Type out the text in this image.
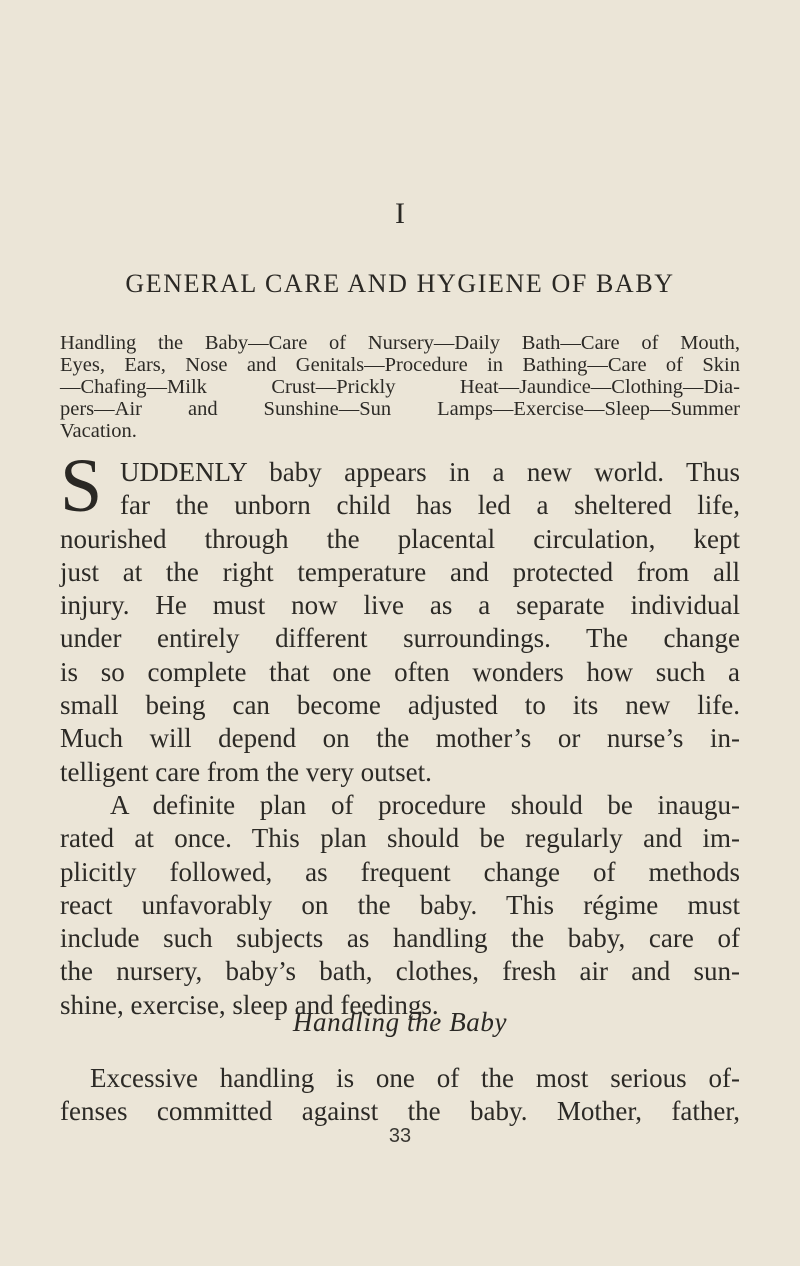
I
GENERAL CARE AND HYGIENE OF BABY
Handling the Baby—Care of Nursery—Daily Bath—Care of Mouth,
Eyes, Ears, Nose and Genitals—Procedure in Bathing—Care of Skin
—Chafing—Milk Crust—Prickly Heat—Jaundice—Clothing—Dia-
pers—Air and Sunshine—Sun Lamps—Exercise—Sleep—Summer
Vacation.
S UDDENLY baby appears in a new world. Thus
far the unborn child has led a sheltered life,
nourished through the placental circulation, kept
just at the right temperature and protected from all
injury. He must now live as a separate individual
under entirely different surroundings. The change
is so complete that one often wonders how such a
small being can become adjusted to its new life.
Much will depend on the mother’s or nurse’s in-
telligent care from the very outset.
A definite plan of procedure should be inaugu-
rated at once. This plan should be regularly and im-
plicitly followed, as frequent change of methods
react unfavorably on the baby. This régime must
include such subjects as handling the baby, care of
the nursery, baby’s bath, clothes, fresh air and sun-
shine, exercise, sleep and feedings.
Handling the Baby
Excessive handling is one of the most serious of-
fenses committed against the baby. Mother, father,
33
